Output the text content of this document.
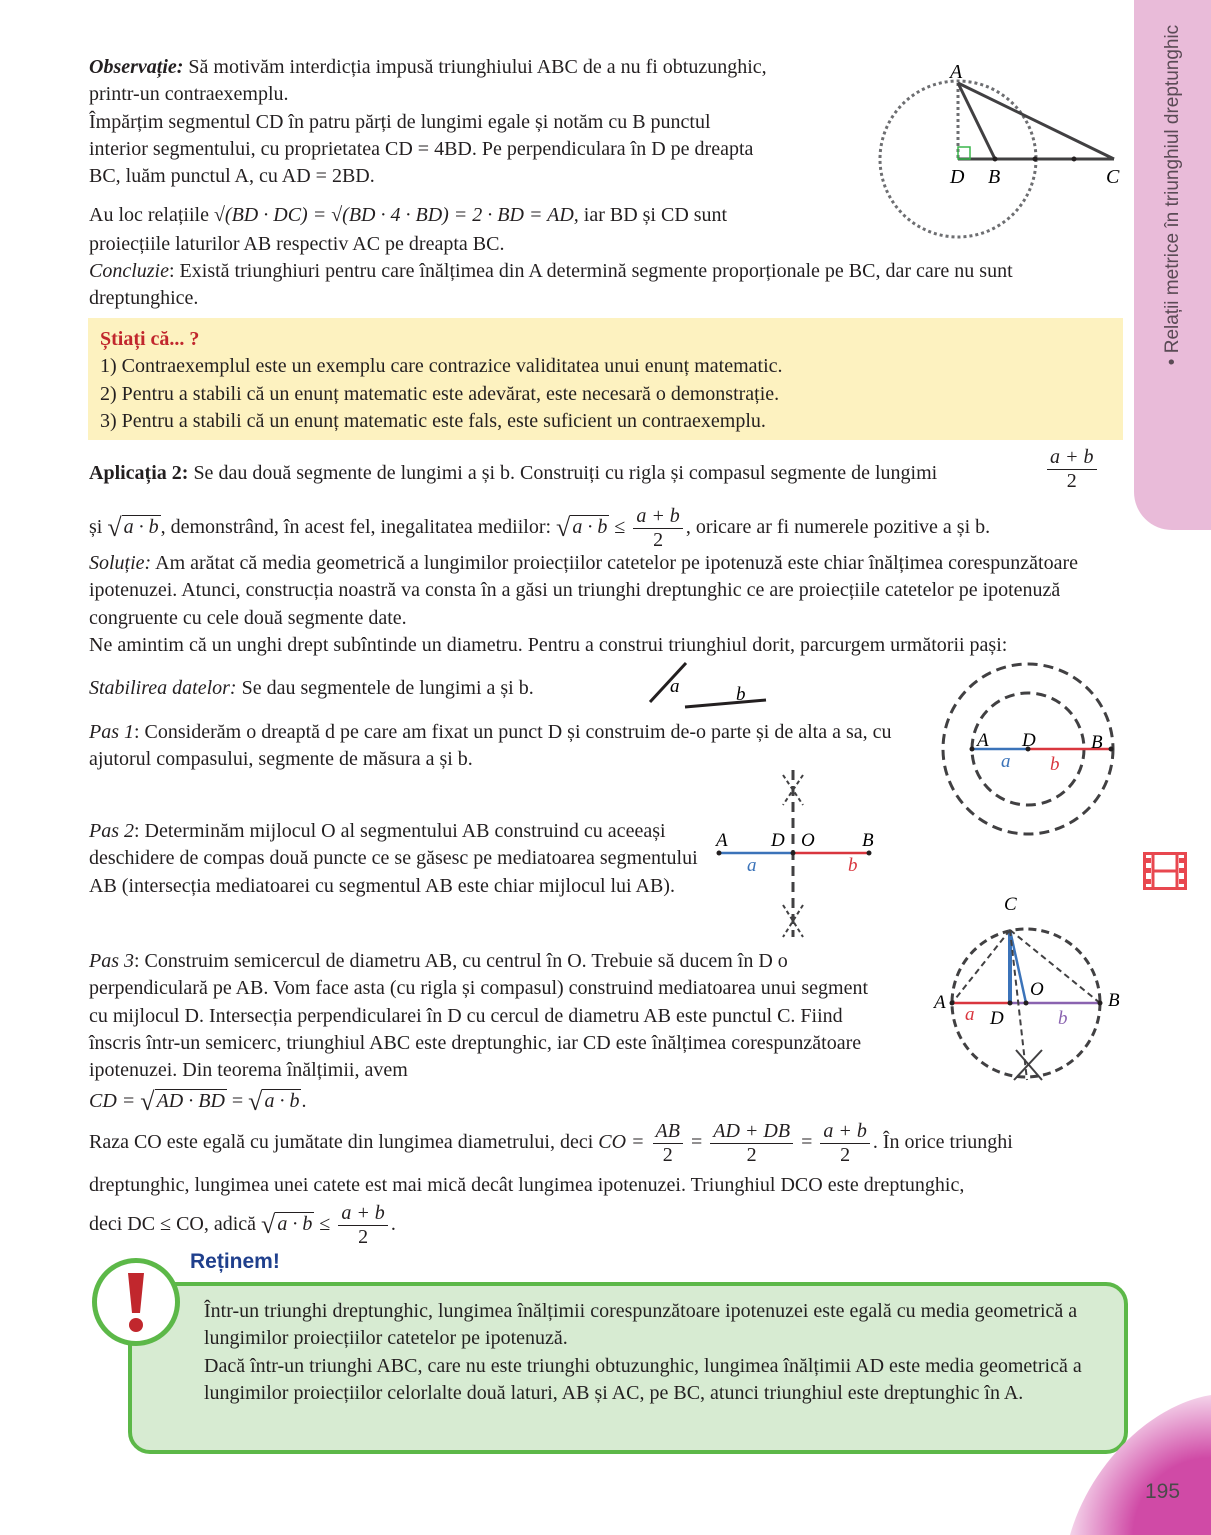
• Relații metrice în triunghiul dreptunghic

Observație: Să motivăm interdicția impusă triunghiului ABC de a nu fi obtuzunghic,

printr-un contraexemplu.

Împărțim segmentul CD în patru părți de lungimi egale și notăm cu B punctul

interior segmentului, cu proprietatea CD = 4BD. Pe perpendiculara în D pe dreapta

BC, luăm punctul A, cu AD = 2BD.

Au loc relațiile √(BD · DC) = √(BD · 4 · BD) = 2 · BD = AD, iar BD și CD sunt
proiecțiile laturilor AB respectiv AC pe dreapta BC.
Concluzie: Există triunghiuri pentru care înălțimea din A determină segmente proporționale pe BC, dar care nu sunt dreptunghice.
A
D B	C

Știați că... ?

1) Contraexemplul este un exemplu care contrazice validitatea unui enunț matematic.

2) Pentru a stabili că un enunț matematic este adevărat, este necesară o demonstrație.

3) Pentru a stabili că un enunț matematic este fals, este suficient un contraexemplu.

Aplicația 2: Se dau două segmente de lungimi a și b. Construiți cu rigla și compasul segmente de lungimi	$\frac{a + b}{2}$
și √ a · b , demonstrând, în acest fel, inegalitatea mediilor: √ $a \cdot b \le \frac{a + b}{2}$ , oricare ar fi numerele pozitive a și b.

Soluție: Am arătat că media geometrică a lungimilor proiecțiilor catetelor pe ipotenuză este chiar înălțimea corespunzătoare ipotenuzei. Atunci, construcția noastră va consta în a găsi un triunghi dreptunghic ce are proiecțiile catetelor pe ipotenuză congruente cu cele două segmente date.

Ne amintim că un unghi drept subîntinde un diametru. Pentru a construi triunghiul dorit, parcurgem următorii pași:

Stabilirea datelor: Se dau segmentele de lungimi a și b.	a	b
Pas 1: Considerăm o dreaptă d pe care am fixat un punct D și construim de-o parte și de alta a sa, cu ajutorul compasului, segmente de măsura a și b.
A D	B
a b
Pas 2: Determinăm mijlocul O al segmentului AB construind cu aceeași deschidere de compas două puncte ce se găsesc pe mediatoarea segmentului AB (intersecția mediatoarei cu segmentul AB este chiar mijlocul lui AB).
A D O B
a	b
Pas 3: Construim semicercul de diametru AB, cu centrul în O. Trebuie să ducem în D o perpendiculară pe AB. Vom face asta (cu rigla și compasul) construind mediatoarea unui segment cu mijlocul D. Intersecția perpendicularei în D cu cercul de diametru AB este punctul C. Fiind înscris într-un semicerc, triunghiul ABC este dreptunghic, iar CD este înălțimea corespunzătoare ipotenuzei. Din teorema înălțimii, avem
CD = √ AD · BD = √ a · b .
C
A
D
O
B
a	b
Raza CO este egală cu jumătate din lungimea diametrului, deci CO = $\frac{AB}{2} = \frac{AD + DB}{2} = \frac{a + b}{2}$ . În orice triunghi
dreptunghic, lungimea unei catete est mai mică decât lungimea ipotenuzei. Triunghiul DCO este dreptunghic,
deci DC ≤ CO, adică √ $a \cdot b \le \frac{a + b}{2}$ .
Reținem!

Într-un triunghi dreptunghic, lungimea înălțimii corespunzătoare ipotenuzei este egală cu media geometrică a lungimilor proiecțiilor catetelor pe ipotenuză.

Dacă într-un triunghi ABC, care nu este triunghi obtuzunghic, lungimea înălțimii AD este media geometrică a lungimilor proiecțiilor celorlalte două laturi, AB și AC, pe BC, atunci triunghiul este dreptunghic în A.

195
